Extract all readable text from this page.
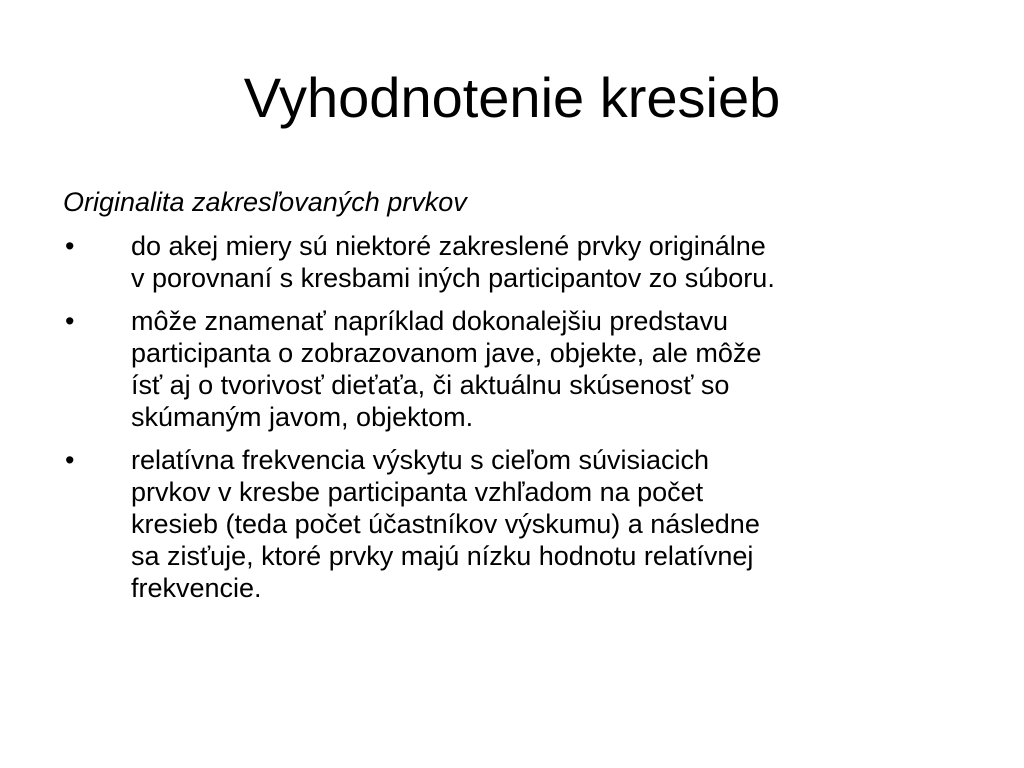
Vyhodnotenie kresieb

Originalita zakresľovaných prvkov

• do akej miery sú niektoré zakreslené prvky originálne
v porovnaní s kresbami iných participantov zo súboru.
• môže znamenať napríklad dokonalejšiu predstavu
participanta o zobrazovanom jave, objekte, ale môže
ísť aj o tvorivosť dieťaťa, či aktuálnu skúsenosť so
skúmaným javom, objektom.
• relatívna frekvencia výskytu s cieľom súvisiacich
prvkov v kresbe participanta vzhľadom na počet
kresieb (teda počet účastníkov výskumu) a následne
sa zisťuje, ktoré prvky majú nízku hodnotu relatívnej
frekvencie.
